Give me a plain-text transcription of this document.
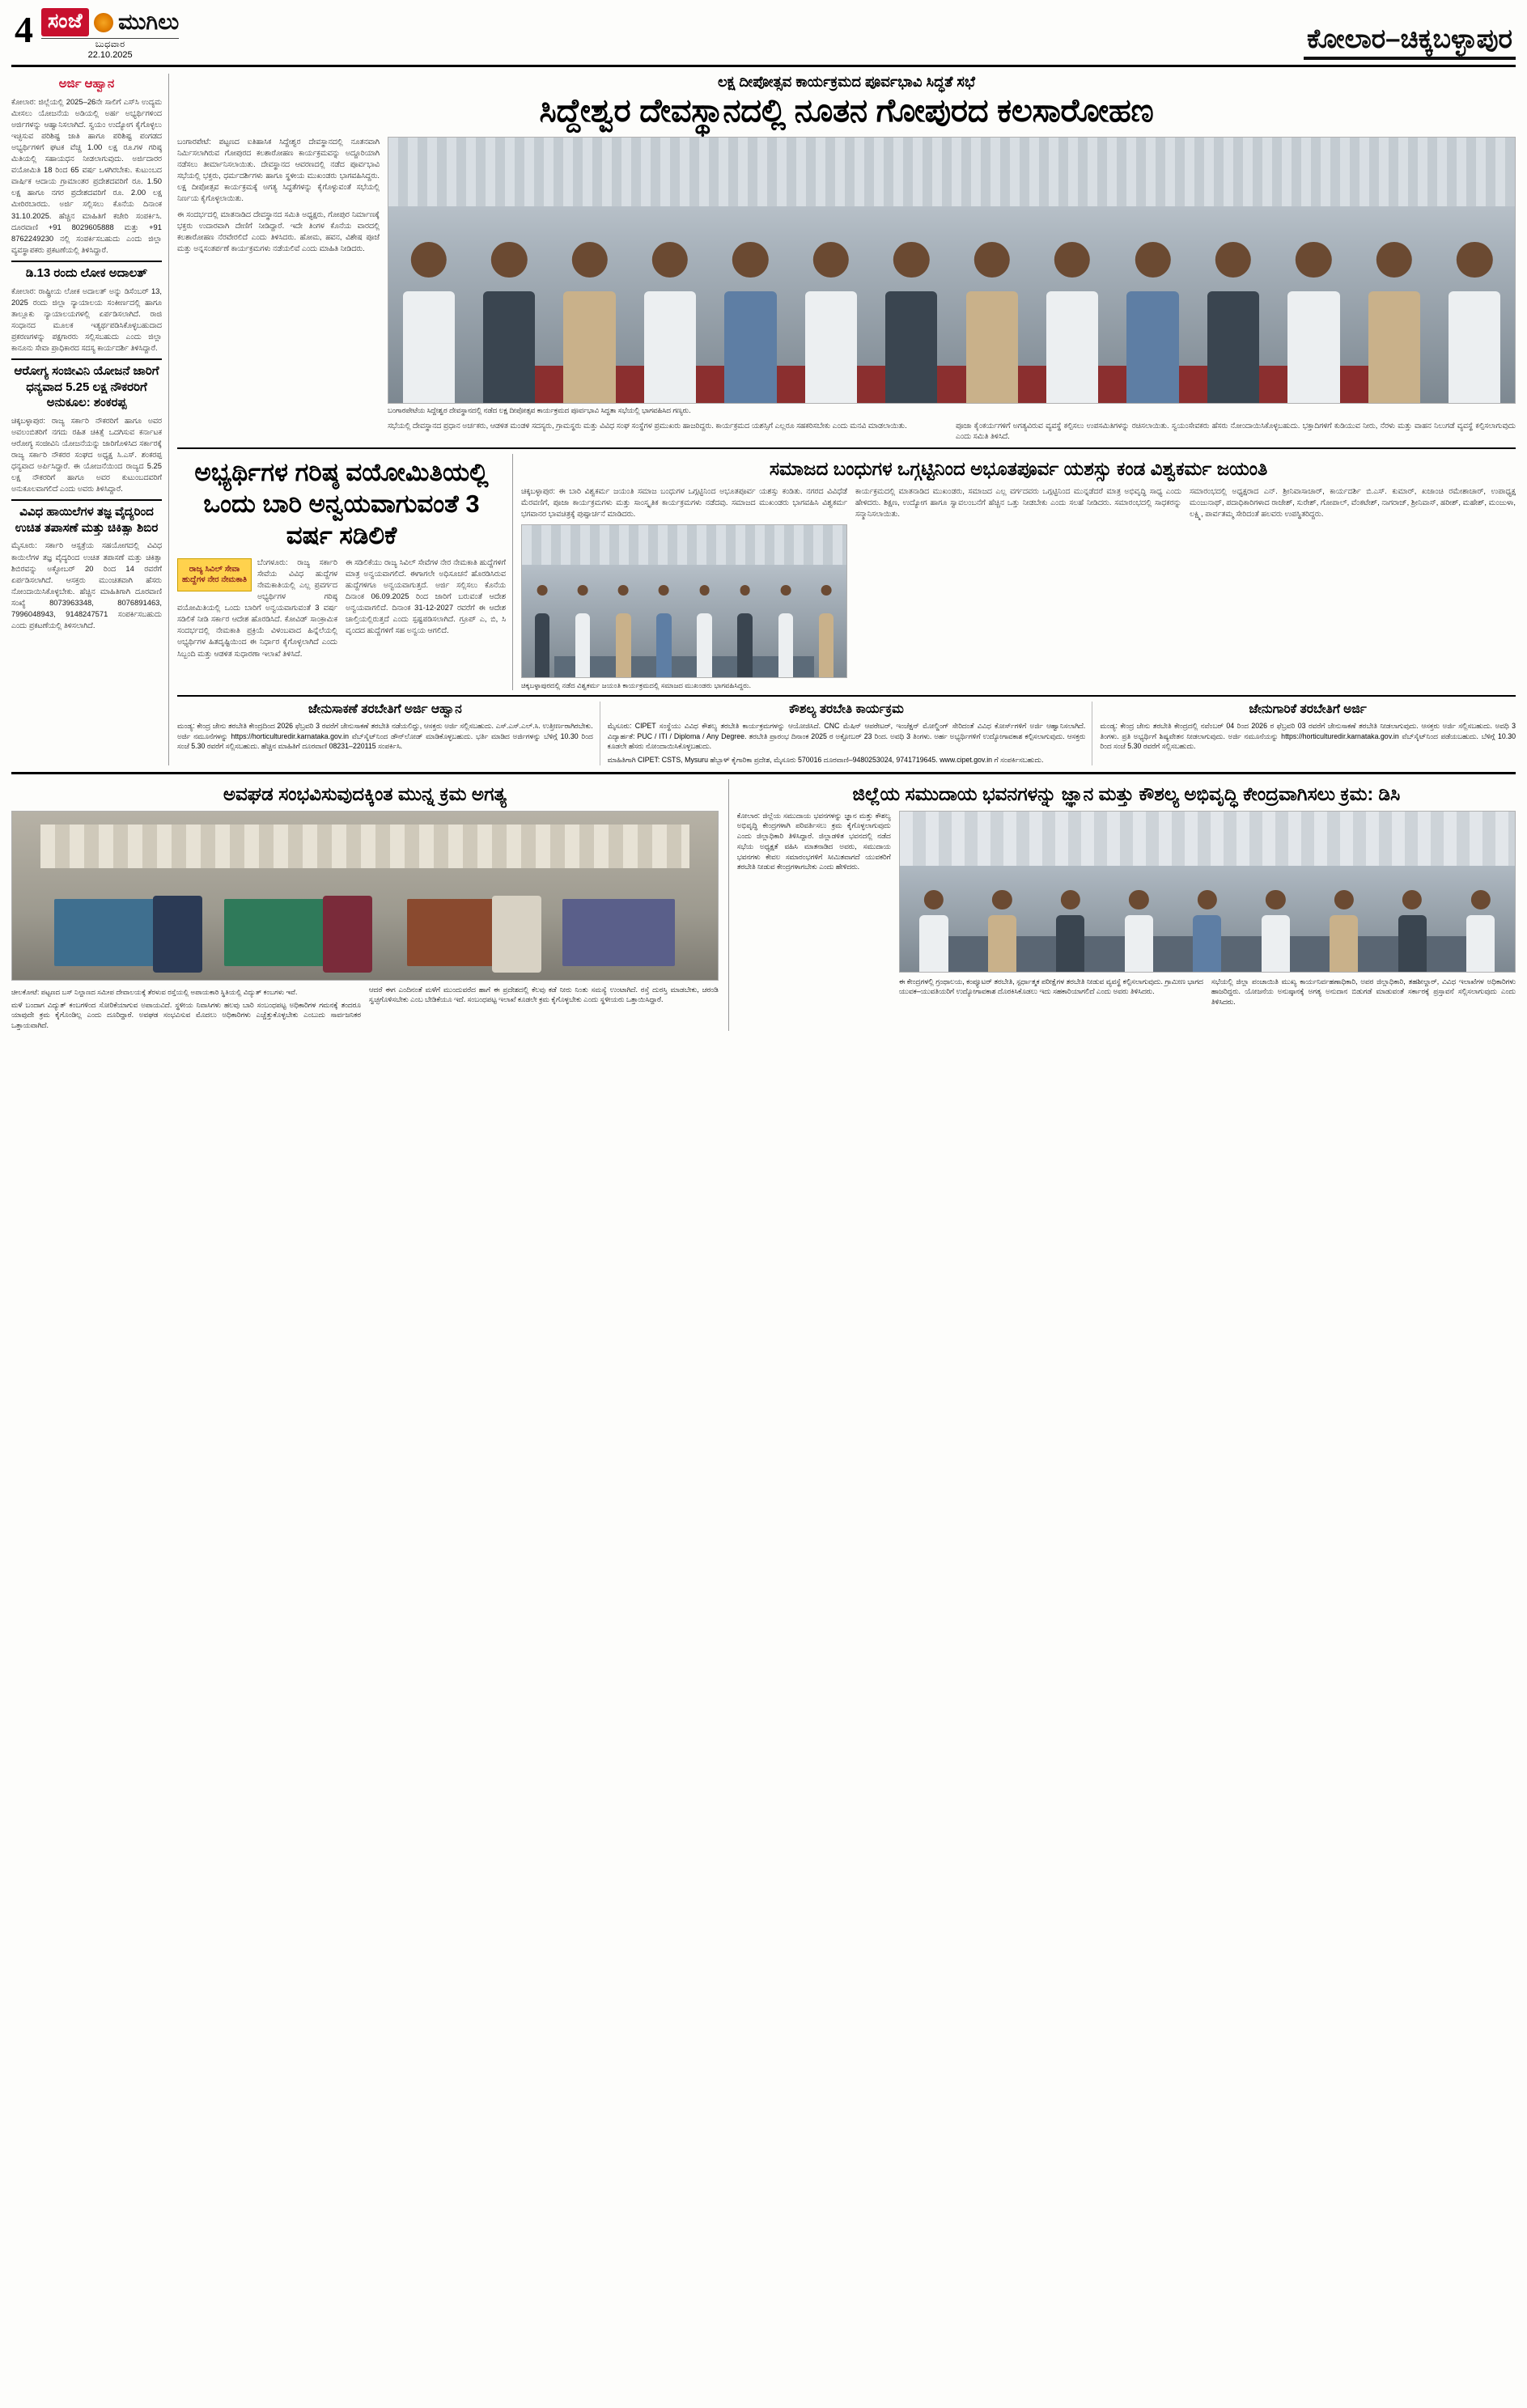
4 ಸಂಜೆ ಮುಗಿಲು
ಬುಧವಾರ
22.10.2025
ಕೋಲಾರ–ಚಿಕ್ಕಬಳ್ಳಾಪುರ
ಅರ್ಜಿ ಆಹ್ವಾನ
ಕೋಲಾರ: ಜಿಲ್ಲೆಯಲ್ಲಿ 2025–26ನೇ ಸಾಲಿಗೆ ಎಸ್‌ಸಿ ಉದ್ಯಮ ಮೀಸಲು ಯೋಜನೆಯ ಅಡಿಯಲ್ಲಿ ಅರ್ಹ ಅಭ್ಯರ್ಥಿಗಳಿಂದ ಅರ್ಜಿಗಳನ್ನು ಆಹ್ವಾನಿಸಲಾಗಿದೆ. ಸ್ವಯಂ ಉದ್ಯೋಗ ಕೈಗೊಳ್ಳಲು ಇಚ್ಛಿಸುವ ಪರಿಶಿಷ್ಟ ಜಾತಿ ಹಾಗೂ ಪರಿಶಿಷ್ಟ ಪಂಗಡದ ಅಭ್ಯರ್ಥಿಗಳಿಗೆ ಘಟಕ ವೆಚ್ಚ 1.00 ಲಕ್ಷ ರೂ.ಗಳ ಗರಿಷ್ಠ ಮಿತಿಯಲ್ಲಿ ಸಹಾಯಧನ ನೀಡಲಾಗುವುದು. ಅರ್ಜಿದಾರರ ವಯೋಮಿತಿ 18 ರಿಂದ 65 ವರ್ಷ ಒಳಗಿರಬೇಕು. ಕುಟುಂಬದ ವಾರ್ಷಿಕ ಆದಾಯ ಗ್ರಾಮಾಂತರ ಪ್ರದೇಶದವರಿಗೆ ರೂ. 1.50 ಲಕ್ಷ ಹಾಗೂ ನಗರ ಪ್ರದೇಶದವರಿಗೆ ರೂ. 2.00 ಲಕ್ಷ ಮೀರಿರಬಾರದು. ಅರ್ಜಿ ಸಲ್ಲಿಸಲು ಕೊನೆಯ ದಿನಾಂಕ 31.10.2025. ಹೆಚ್ಚಿನ ಮಾಹಿತಿಗೆ ಕಚೇರಿ ಸಂಪರ್ಕಿಸಿ. ದೂರವಾಣಿ +91 8029605888 ಮತ್ತು +91 8762249230 ನಲ್ಲಿ ಸಂಪರ್ಕಿಸಬಹುದು ಎಂದು ಜಿಲ್ಲಾ ವ್ಯವಸ್ಥಾಪಕರು ಪ್ರಕಟಣೆಯಲ್ಲಿ ತಿಳಿಸಿದ್ದಾರೆ.
ಡಿ.13 ರಂದು ಲೋಕ ಅದಾಲತ್
ಕೋಲಾರ: ರಾಷ್ಟ್ರೀಯ ಲೋಕ ಅದಾಲತ್ ಅನ್ನು ಡಿಸೆಂಬರ್ 13, 2025 ರಂದು ಜಿಲ್ಲಾ ನ್ಯಾಯಾಲಯ ಸಂಕೀರ್ಣದಲ್ಲಿ ಹಾಗೂ ತಾಲ್ಲೂಕು ನ್ಯಾಯಾಲಯಗಳಲ್ಲಿ ಏರ್ಪಡಿಸಲಾಗಿದೆ. ರಾಜಿ ಸಂಧಾನದ ಮೂಲಕ ಇತ್ಯರ್ಥಪಡಿಸಿಕೊಳ್ಳಬಹುದಾದ ಪ್ರಕರಣಗಳನ್ನು ಪಕ್ಷಗಾರರು ಸಲ್ಲಿಸಬಹುದು ಎಂದು ಜಿಲ್ಲಾ ಕಾನೂನು ಸೇವಾ ಪ್ರಾಧಿಕಾರದ ಸದಸ್ಯ ಕಾರ್ಯದರ್ಶಿ ತಿಳಿಸಿದ್ದಾರೆ.
ಆರೋಗ್ಯ ಸಂಜೀವಿನಿ ಯೋಜನೆ ಜಾರಿಗೆ ಧನ್ಯವಾದ 5.25 ಲಕ್ಷ ನೌಕರರಿಗೆ ಅನುಕೂಲ: ಶಂಕರಪ್ಪ
ಚಿಕ್ಕಬಳ್ಳಾಪುರ: ರಾಜ್ಯ ಸರ್ಕಾರಿ ನೌಕರರಿಗೆ ಹಾಗೂ ಅವರ ಅವಲಂಬಿತರಿಗೆ ನಗದು ರಹಿತ ಚಿಕಿತ್ಸೆ ಒದಗಿಸುವ ಕರ್ನಾಟಕ ಆರೋಗ್ಯ ಸಂಜೀವಿನಿ ಯೋಜನೆಯನ್ನು ಜಾರಿಗೊಳಿಸಿದ ಸರ್ಕಾರಕ್ಕೆ ರಾಜ್ಯ ಸರ್ಕಾರಿ ನೌಕರರ ಸಂಘದ ಅಧ್ಯಕ್ಷ ಸಿ.ಎಸ್. ಶಂಕರಪ್ಪ ಧನ್ಯವಾದ ಅರ್ಪಿಸಿದ್ದಾರೆ. ಈ ಯೋಜನೆಯಿಂದ ರಾಜ್ಯದ 5.25 ಲಕ್ಷ ನೌಕರರಿಗೆ ಹಾಗೂ ಅವರ ಕುಟುಂಬದವರಿಗೆ ಅನುಕೂಲವಾಗಲಿದೆ ಎಂದು ಅವರು ತಿಳಿಸಿದ್ದಾರೆ.
ವಿವಿಧ ಹಾಯಿಲೆಗಳ ತಜ್ಞ ವೈದ್ಯರಿಂದ ಉಚಿತ ತಪಾಸಣೆ ಮತ್ತು ಚಿಕಿತ್ಸಾ ಶಿಬಿರ
ಮೈಸೂರು: ಸರ್ಕಾರಿ ಆಸ್ಪತ್ರೆಯ ಸಹಯೋಗದಲ್ಲಿ ವಿವಿಧ ಕಾಯಿಲೆಗಳ ತಜ್ಞ ವೈದ್ಯರಿಂದ ಉಚಿತ ತಪಾಸಣೆ ಮತ್ತು ಚಿಕಿತ್ಸಾ ಶಿಬಿರವನ್ನು ಅಕ್ಟೋಬರ್ 20 ರಿಂದ 14 ರವರೆಗೆ ಏರ್ಪಡಿಸಲಾಗಿದೆ. ಆಸಕ್ತರು ಮುಂಚಿತವಾಗಿ ಹೆಸರು ನೋಂದಾಯಿಸಿಕೊಳ್ಳಬೇಕು. ಹೆಚ್ಚಿನ ಮಾಹಿತಿಗಾಗಿ ದೂರವಾಣಿ ಸಂಖ್ಯೆ 8073963348, 8076891463, 7996048943, 9148247571 ಸಂಪರ್ಕಿಸಬಹುದು ಎಂದು ಪ್ರಕಟಣೆಯಲ್ಲಿ ತಿಳಿಸಲಾಗಿದೆ.
ಲಕ್ಷ ದೀಪೋತ್ಸವ ಕಾರ್ಯಕ್ರಮದ ಪೂರ್ವಭಾವಿ ಸಿದ್ಧತೆ ಸಭೆ
ಸಿದ್ದೇಶ್ವರ ದೇವಸ್ಥಾನದಲ್ಲಿ ನೂತನ ಗೋಪುರದ ಕಲಸಾರೋಹಣ
ಬಂಗಾರಪೇಟೆ: ಪಟ್ಟಣದ ಐತಿಹಾಸಿಕ ಸಿದ್ದೇಶ್ವರ ದೇವಸ್ಥಾನದಲ್ಲಿ ನೂತನವಾಗಿ ನಿರ್ಮಿಸಲಾಗಿರುವ ಗೋಪುರದ ಕಲಶಾರೋಹಣ ಕಾರ್ಯಕ್ರಮವನ್ನು ಅದ್ದೂರಿಯಾಗಿ ನಡೆಸಲು ತೀರ್ಮಾನಿಸಲಾಯಿತು. ದೇವಸ್ಥಾನದ ಆವರಣದಲ್ಲಿ ನಡೆದ ಪೂರ್ವಭಾವಿ ಸಭೆಯಲ್ಲಿ ಭಕ್ತರು, ಧರ್ಮದರ್ಶಿಗಳು ಹಾಗೂ ಸ್ಥಳೀಯ ಮುಖಂಡರು ಭಾಗವಹಿಸಿದ್ದರು. ಲಕ್ಷ ದೀಪೋತ್ಸವ ಕಾರ್ಯಕ್ರಮಕ್ಕೆ ಅಗತ್ಯ ಸಿದ್ಧತೆಗಳನ್ನು ಕೈಗೊಳ್ಳುವಂತೆ ಸಭೆಯಲ್ಲಿ ನಿರ್ಣಯ ಕೈಗೊಳ್ಳಲಾಯಿತು.
ಈ ಸಂದರ್ಭದಲ್ಲಿ ಮಾತನಾಡಿದ ದೇವಸ್ಥಾನದ ಸಮಿತಿ ಅಧ್ಯಕ್ಷರು, ಗೋಪುರ ನಿರ್ಮಾಣಕ್ಕೆ ಭಕ್ತರು ಉದಾರವಾಗಿ ದೇಣಿಗೆ ನೀಡಿದ್ದಾರೆ. ಇದೇ ತಿಂಗಳ ಕೊನೆಯ ವಾರದಲ್ಲಿ ಕಲಶಾರೋಹಣ ನೆರವೇರಲಿದೆ ಎಂದು ತಿಳಿಸಿದರು. ಹೋಮ, ಹವನ, ವಿಶೇಷ ಪೂಜೆ ಮತ್ತು ಅನ್ನಸಂತರ್ಪಣೆ ಕಾರ್ಯಕ್ರಮಗಳು ನಡೆಯಲಿವೆ ಎಂದು ಮಾಹಿತಿ ನೀಡಿದರು.
ಬಂಗಾರಪೇಟೆಯ ಸಿದ್ದೇಶ್ವರ ದೇವಸ್ಥಾನದಲ್ಲಿ ನಡೆದ ಲಕ್ಷ ದೀಪೋತ್ಸವ ಕಾರ್ಯಕ್ರಮದ ಪೂರ್ವಭಾವಿ ಸಿದ್ಧತಾ ಸಭೆಯಲ್ಲಿ ಭಾಗವಹಿಸಿದ ಗಣ್ಯರು.
ಸಭೆಯಲ್ಲಿ ದೇವಸ್ಥಾನದ ಪ್ರಧಾನ ಅರ್ಚಕರು, ಆಡಳಿತ ಮಂಡಳಿ ಸದಸ್ಯರು, ಗ್ರಾಮಸ್ಥರು ಮತ್ತು ವಿವಿಧ ಸಂಘ ಸಂಸ್ಥೆಗಳ ಪ್ರಮುಖರು ಹಾಜರಿದ್ದರು. ಕಾರ್ಯಕ್ರಮದ ಯಶಸ್ಸಿಗೆ ಎಲ್ಲರೂ ಸಹಕರಿಸಬೇಕು ಎಂದು ಮನವಿ ಮಾಡಲಾಯಿತು.	ಪೂಜಾ ಕೈಂಕರ್ಯಗಳಿಗೆ ಅಗತ್ಯವಿರುವ ವ್ಯವಸ್ಥೆ ಕಲ್ಪಿಸಲು ಉಪಸಮಿತಿಗಳನ್ನು ರಚಿಸಲಾಯಿತು. ಸ್ವಯಂಸೇವಕರು ಹೆಸರು ನೋಂದಾಯಿಸಿಕೊಳ್ಳಬಹುದು. ಭಕ್ತಾದಿಗಳಿಗೆ ಕುಡಿಯುವ ನೀರು, ನೆರಳು ಮತ್ತು ವಾಹನ ನಿಲುಗಡೆ ವ್ಯವಸ್ಥೆ ಕಲ್ಪಿಸಲಾಗುವುದು ಎಂದು ಸಮಿತಿ ತಿಳಿಸಿದೆ.
ಅಭ್ಯರ್ಥಿಗಳ ಗರಿಷ್ಠ ವಯೋಮಿತಿಯಲ್ಲಿ ಒಂದು ಬಾರಿ ಅನ್ವಯವಾಗುವಂತೆ 3 ವರ್ಷ ಸಡಿಲಿಕೆ
ರಾಜ್ಯ ಸಿವಿಲ್ ಸೇವಾ ಹುದ್ದೆಗಳ ನೇರ ನೇಮಕಾತಿ
ಬೆಂಗಳೂರು: ರಾಜ್ಯ ಸರ್ಕಾರಿ ಸೇವೆಯ ವಿವಿಧ ಹುದ್ದೆಗಳ ನೇಮಕಾತಿಯಲ್ಲಿ ಎಲ್ಲ ಪ್ರವರ್ಗದ ಅಭ್ಯರ್ಥಿಗಳ ಗರಿಷ್ಠ ವಯೋಮಿತಿಯಲ್ಲಿ ಒಂದು ಬಾರಿಗೆ ಅನ್ವಯವಾಗುವಂತೆ 3 ವರ್ಷ ಸಡಿಲಿಕೆ ನೀಡಿ ಸರ್ಕಾರ ಆದೇಶ ಹೊರಡಿಸಿದೆ. ಕೋವಿಡ್ ಸಾಂಕ್ರಾಮಿಕ ಸಂದರ್ಭದಲ್ಲಿ ನೇಮಕಾತಿ ಪ್ರಕ್ರಿಯೆ ವಿಳಂಬವಾದ ಹಿನ್ನೆಲೆಯಲ್ಲಿ ಅಭ್ಯರ್ಥಿಗಳ ಹಿತದೃಷ್ಟಿಯಿಂದ ಈ ನಿರ್ಧಾರ ಕೈಗೊಳ್ಳಲಾಗಿದೆ ಎಂದು ಸಿಬ್ಬಂದಿ ಮತ್ತು ಆಡಳಿತ ಸುಧಾರಣಾ ಇಲಾಖೆ ತಿಳಿಸಿದೆ.
ಈ ಸಡಿಲಿಕೆಯು ರಾಜ್ಯ ಸಿವಿಲ್ ಸೇವೆಗಳ ನೇರ ನೇಮಕಾತಿ ಹುದ್ದೆಗಳಿಗೆ ಮಾತ್ರ ಅನ್ವಯವಾಗಲಿದೆ. ಈಗಾಗಲೇ ಅಧಿಸೂಚನೆ ಹೊರಡಿಸಿರುವ ಹುದ್ದೆಗಳಿಗೂ ಅನ್ವಯವಾಗುತ್ತದೆ. ಅರ್ಜಿ ಸಲ್ಲಿಸಲು ಕೊನೆಯ ದಿನಾಂಕ 06.09.2025 ರಿಂದ ಜಾರಿಗೆ ಬರುವಂತೆ ಆದೇಶ ಅನ್ವಯವಾಗಲಿದೆ. ದಿನಾಂಕ 31-12-2027 ರವರೆಗೆ ಈ ಆದೇಶ ಚಾಲ್ತಿಯಲ್ಲಿರುತ್ತದೆ ಎಂದು ಸ್ಪಷ್ಟಪಡಿಸಲಾಗಿದೆ. ಗ್ರೂಪ್ ಎ, ಬಿ, ಸಿ ವೃಂದದ ಹುದ್ದೆಗಳಿಗೆ ಸಹ ಅನ್ವಯ ಆಗಲಿದೆ.
ಸಮಾಜದ ಬಂಧುಗಳ ಒಗ್ಗಟ್ಟಿನಿಂದ ಅಭೂತಪೂರ್ವ ಯಶಸ್ಸು ಕಂಡ ವಿಶ್ವಕರ್ಮ ಜಯಂತಿ
ಚಿಕ್ಕಬಳ್ಳಾಪುರ: ಈ ಬಾರಿ ವಿಶ್ವಕರ್ಮ ಜಯಂತಿ ಸಮಾಜ ಬಂಧುಗಳ ಒಗ್ಗಟ್ಟಿನಿಂದ ಅಭೂತಪೂರ್ವ ಯಶಸ್ಸು ಕಂಡಿತು. ನಗರದ ವಿವಿಧೆಡೆ ಮೆರವಣಿಗೆ, ಪೂಜಾ ಕಾರ್ಯಕ್ರಮಗಳು ಮತ್ತು ಸಾಂಸ್ಕೃತಿಕ ಕಾರ್ಯಕ್ರಮಗಳು ನಡೆದವು. ಸಮಾಜದ ಮುಖಂಡರು ಭಾಗವಹಿಸಿ ವಿಶ್ವಕರ್ಮ ಭಗವಾನರ ಭಾವಚಿತ್ರಕ್ಕೆ ಪುಷ್ಪಾರ್ಚನೆ ಮಾಡಿದರು.
ಚಿಕ್ಕಬಳ್ಳಾಪುರದಲ್ಲಿ ನಡೆದ ವಿಶ್ವಕರ್ಮ ಜಯಂತಿ ಕಾರ್ಯಕ್ರಮದಲ್ಲಿ ಸಮಾಜದ ಮುಖಂಡರು ಭಾಗವಹಿಸಿದ್ದರು.
ಕಾರ್ಯಕ್ರಮದಲ್ಲಿ ಮಾತನಾಡಿದ ಮುಖಂಡರು, ಸಮಾಜದ ಎಲ್ಲ ವರ್ಗದವರು ಒಗ್ಗಟ್ಟಿನಿಂದ ಮುನ್ನಡೆದರೆ ಮಾತ್ರ ಅಭಿವೃದ್ಧಿ ಸಾಧ್ಯ ಎಂದು ಹೇಳಿದರು. ಶಿಕ್ಷಣ, ಉದ್ಯೋಗ ಹಾಗೂ ಸ್ವಾವಲಂಬನೆಗೆ ಹೆಚ್ಚಿನ ಒತ್ತು ನೀಡಬೇಕು ಎಂದು ಸಲಹೆ ನೀಡಿದರು. ಸಮಾರಂಭದಲ್ಲಿ ಸಾಧಕರನ್ನು ಸನ್ಮಾನಿಸಲಾಯಿತು.
ಸಮಾರಂಭದಲ್ಲಿ ಅಧ್ಯಕ್ಷರಾದ ಎನ್. ಶ್ರೀನಿವಾಸಾಚಾರ್, ಕಾರ್ಯದರ್ಶಿ ಬಿ.ಎಸ್. ಕುಮಾರ್, ಖಜಾಂಚಿ ರಮೇಶಾಚಾರ್, ಉಪಾಧ್ಯಕ್ಷ ಮಂಜುನಾಥ್, ಪದಾಧಿಕಾರಿಗಳಾದ ರಾಜೇಶ್, ಸುರೇಶ್, ಗೋಪಾಲ್, ವೆಂಕಟೇಶ್, ನಾಗರಾಜ್, ಶ್ರೀನಿವಾಸ್, ಹರೀಶ್, ಮಹೇಶ್, ಮಂಜುಳಾ, ಲಕ್ಷ್ಮಿ, ಪಾರ್ವತಮ್ಮ ಸೇರಿದಂತೆ ಹಲವರು ಉಪಸ್ಥಿತರಿದ್ದರು.
ಜೇನುಸಾಕಣೆ ತರಬೇತಿಗೆ ಅರ್ಜಿ ಆಹ್ವಾನ
ಮಂಡ್ಯ: ಕೇಂದ್ರ ಜೇನು ತರಬೇತಿ ಕೇಂದ್ರದಿಂದ 2026 ಫೆಬ್ರವರಿ 3 ರವರೆಗೆ ಜೇನುಸಾಕಣೆ ತರಬೇತಿ ನಡೆಯಲಿದ್ದು, ಆಸಕ್ತರು ಅರ್ಜಿ ಸಲ್ಲಿಸಬಹುದು. ಎಸ್.ಎಸ್.ಎಲ್.ಸಿ. ಉತ್ತೀರ್ಣರಾಗಿರಬೇಕು. ಅರ್ಜಿ ನಮೂನೆಗಳನ್ನು https://horticulturedir.karnataka.gov.in ವೆಬ್‌ಸೈಟ್‌ನಿಂದ ಡೌನ್‌ಲೋಡ್ ಮಾಡಿಕೊಳ್ಳಬಹುದು. ಭರ್ತಿ ಮಾಡಿದ ಅರ್ಜಿಗಳನ್ನು ಬೆಳಿಗ್ಗೆ 10.30 ರಿಂದ ಸಂಜೆ 5.30 ರವರೆಗೆ ಸಲ್ಲಿಸಬಹುದು. ಹೆಚ್ಚಿನ ಮಾಹಿತಿಗೆ ದೂರವಾಣಿ 08231–220115 ಸಂಪರ್ಕಿಸಿ.
ಕೌಶಲ್ಯ ತರಬೇತಿ ಕಾರ್ಯಕ್ರಮ
ಮೈಸೂರು: CIPET ಸಂಸ್ಥೆಯು ವಿವಿಧ ಕೌಶಲ್ಯ ತರಬೇತಿ ಕಾರ್ಯಕ್ರಮಗಳನ್ನು ಆಯೋಜಿಸಿದೆ. CNC ಮೆಷಿನ್ ಆಪರೇಟರ್, ಇಂಜೆಕ್ಷನ್ ಮೋಲ್ಡಿಂಗ್ ಸೇರಿದಂತೆ ವಿವಿಧ ಕೋರ್ಸ್‌ಗಳಿಗೆ ಅರ್ಜಿ ಆಹ್ವಾನಿಸಲಾಗಿದೆ. ವಿದ್ಯಾರ್ಹತೆ: PUC / ITI / Diploma / Any Degree. ತರಬೇತಿ ಪ್ರಾರಂಭ ದಿನಾಂಕ 2025 ರ ಅಕ್ಟೋಬರ್ 23 ರಿಂದ. ಅವಧಿ 3 ತಿಂಗಳು. ಅರ್ಹ ಅಭ್ಯರ್ಥಿಗಳಿಗೆ ಉದ್ಯೋಗಾವಕಾಶ ಕಲ್ಪಿಸಲಾಗುವುದು. ಆಸಕ್ತರು ಕೂಡಲೇ ಹೆಸರು ನೋಂದಾಯಿಸಿಕೊಳ್ಳಬಹುದು.
ಮಾಹಿತಿಗಾಗಿ CIPET: CSTS, Mysuru ಹೆಬ್ಬಾಳ್ ಕೈಗಾರಿಕಾ ಪ್ರದೇಶ, ಮೈಸೂರು 570016 ದೂರವಾಣಿ–9480253024, 9741719645. www.cipet.gov.in ಗೆ ಸಂಪರ್ಕಿಸಬಹುದು.
ಜೇನುಗಾರಿಕೆ ತರಬೇತಿಗೆ ಅರ್ಜಿ
ಮಂಡ್ಯ: ಕೇಂದ್ರ ಜೇನು ತರಬೇತಿ ಕೇಂದ್ರದಲ್ಲಿ ನವೆಂಬರ್ 04 ರಿಂದ 2026 ರ ಫೆಬ್ರವರಿ 03 ರವರೆಗೆ ಜೇನುಸಾಕಣೆ ತರಬೇತಿ ನೀಡಲಾಗುವುದು. ಆಸಕ್ತರು ಅರ್ಜಿ ಸಲ್ಲಿಸಬಹುದು. ಅವಧಿ 3 ತಿಂಗಳು. ಪ್ರತಿ ಅಭ್ಯರ್ಥಿಗೆ ಶಿಷ್ಯವೇತನ ನೀಡಲಾಗುವುದು. ಅರ್ಜಿ ನಮೂನೆಯನ್ನು https://horticulturedir.karnataka.gov.in ವೆಬ್‌ಸೈಟ್‌ನಿಂದ ಪಡೆಯಬಹುದು. ಬೆಳಿಗ್ಗೆ 10.30 ರಿಂದ ಸಂಜೆ 5.30 ರವರೆಗೆ ಸಲ್ಲಿಸಬಹುದು.
ಅವಘಡ ಸಂಭವಿಸುವುದಕ್ಕಿಂತ ಮುನ್ನ ಕ್ರಮ ಅಗತ್ಯ
ಚೀಲಕೋಟೆ: ಪಟ್ಟಣದ ಬಸ್ ನಿಲ್ದಾಣದ ಸಮೀಪ ದೇವಾಲಯಕ್ಕೆ ತೆರಳುವ ರಸ್ತೆಯಲ್ಲಿ ಅಪಾಯಕಾರಿ ಸ್ಥಿತಿಯಲ್ಲಿ ವಿದ್ಯುತ್ ಕಂಬಗಳು ಇವೆ.
ಮಳೆ ಬಂದಾಗ ವಿದ್ಯುತ್ ಕಂಬಗಳಿಂದ ಸೋರಿಕೆಯಾಗುವ ಅಪಾಯವಿದೆ. ಸ್ಥಳೀಯ ನಿವಾಸಿಗಳು ಹಲವು ಬಾರಿ ಸಂಬಂಧಪಟ್ಟ ಅಧಿಕಾರಿಗಳ ಗಮನಕ್ಕೆ ತಂದರೂ ಯಾವುದೇ ಕ್ರಮ ಕೈಗೊಂಡಿಲ್ಲ ಎಂದು ದೂರಿದ್ದಾರೆ. ಅವಘಡ ಸಂಭವಿಸುವ ಮೊದಲು ಅಧಿಕಾರಿಗಳು ಎಚ್ಚೆತ್ತುಕೊಳ್ಳಬೇಕು ಎಂಬುದು ಸಾರ್ವಜನಿಕರ ಒತ್ತಾಯವಾಗಿದೆ.
ಆದರೆ ಈಗ ಎಂದಿನಂತೆ ಮಳೆಗೆ ಮುಂದುವರೆದ ಹಾಗೆ ಈ ಪ್ರದೇಶದಲ್ಲಿ ಕೆಲವು ಕಡೆ ನೀರು ನಿಂತು ಸಮಸ್ಯೆ ಉಂಟಾಗಿದೆ. ರಸ್ತೆ ದುರಸ್ತಿ ಮಾಡಬೇಕು, ಚರಂಡಿ ಸ್ವಚ್ಛಗೊಳಿಸಬೇಕು ಎಂಬ ಬೇಡಿಕೆಯೂ ಇದೆ. ಸಂಬಂಧಪಟ್ಟ ಇಲಾಖೆ ಕೂಡಲೇ ಕ್ರಮ ಕೈಗೊಳ್ಳಬೇಕು ಎಂದು ಸ್ಥಳೀಯರು ಒತ್ತಾಯಿಸಿದ್ದಾರೆ.
ಜಿಲ್ಲೆಯ ಸಮುದಾಯ ಭವನಗಳನ್ನು ಜ್ಞಾನ ಮತ್ತು ಕೌಶಲ್ಯ ಅಭಿವೃದ್ಧಿ ಕೇಂದ್ರವಾಗಿಸಲು ಕ್ರಮ: ಡಿಸಿ
ಕೋಲಾರ: ಜಿಲ್ಲೆಯ ಸಮುದಾಯ ಭವನಗಳನ್ನು ಜ್ಞಾನ ಮತ್ತು ಕೌಶಲ್ಯ ಅಭಿವೃದ್ಧಿ ಕೇಂದ್ರಗಳಾಗಿ ಪರಿವರ್ತಿಸಲು ಕ್ರಮ ಕೈಗೊಳ್ಳಲಾಗುವುದು ಎಂದು ಜಿಲ್ಲಾಧಿಕಾರಿ ತಿಳಿಸಿದ್ದಾರೆ. ಜಿಲ್ಲಾಡಳಿತ ಭವನದಲ್ಲಿ ನಡೆದ ಸಭೆಯ ಅಧ್ಯಕ್ಷತೆ ವಹಿಸಿ ಮಾತನಾಡಿದ ಅವರು, ಸಮುದಾಯ ಭವನಗಳು ಕೇವಲ ಸಮಾರಂಭಗಳಿಗೆ ಸೀಮಿತವಾಗದೆ ಯುವಕರಿಗೆ ತರಬೇತಿ ನೀಡುವ ಕೇಂದ್ರಗಳಾಗಬೇಕು ಎಂದು ಹೇಳಿದರು.
ಈ ಕೇಂದ್ರಗಳಲ್ಲಿ ಗ್ರಂಥಾಲಯ, ಕಂಪ್ಯೂಟರ್ ತರಬೇತಿ, ಸ್ಪರ್ಧಾತ್ಮಕ ಪರೀಕ್ಷೆಗಳ ತರಬೇತಿ ನೀಡುವ ವ್ಯವಸ್ಥೆ ಕಲ್ಪಿಸಲಾಗುವುದು. ಗ್ರಾಮೀಣ ಭಾಗದ ಯುವಕ–ಯುವತಿಯರಿಗೆ ಉದ್ಯೋಗಾವಕಾಶ ದೊರಕಿಸಿಕೊಡಲು ಇದು ಸಹಕಾರಿಯಾಗಲಿದೆ ಎಂದು ಅವರು ತಿಳಿಸಿದರು.
ಸಭೆಯಲ್ಲಿ ಜಿಲ್ಲಾ ಪಂಚಾಯಿತಿ ಮುಖ್ಯ ಕಾರ್ಯನಿರ್ವಹಣಾಧಿಕಾರಿ, ಅಪರ ಜಿಲ್ಲಾಧಿಕಾರಿ, ತಹಶೀಲ್ದಾರ್, ವಿವಿಧ ಇಲಾಖೆಗಳ ಅಧಿಕಾರಿಗಳು ಹಾಜರಿದ್ದರು. ಯೋಜನೆಯ ಅನುಷ್ಠಾನಕ್ಕೆ ಅಗತ್ಯ ಅನುದಾನ ಬಿಡುಗಡೆ ಮಾಡುವಂತೆ ಸರ್ಕಾರಕ್ಕೆ ಪ್ರಸ್ತಾವನೆ ಸಲ್ಲಿಸಲಾಗುವುದು ಎಂದು ತಿಳಿಸಿದರು.
